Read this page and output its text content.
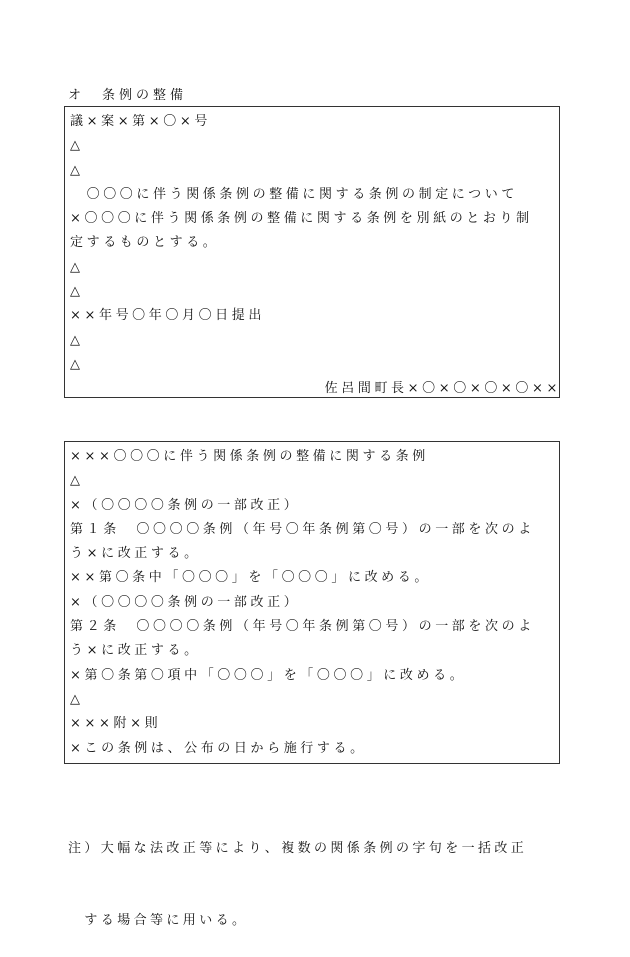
オ　条例の整備
議×案×第×〇×号
△
△
　〇〇〇に伴う関係条例の整備に関する条例の制定について
×〇〇〇に伴う関係条例の整備に関する条例を別紙のとおり制
定するものとする。
△
△
××年号〇年〇月〇日提出
△
△
佐呂間町長×〇×〇×〇×〇××
×××〇〇〇に伴う関係条例の整備に関する条例
△
×（〇〇〇〇条例の一部改正）
第１条　〇〇〇〇条例（年号〇年条例第〇号）の一部を次のよ
う×に改正する。
××第〇条中「〇〇〇」を「〇〇〇」に改める。
×（〇〇〇〇条例の一部改正）
第２条　〇〇〇〇条例（年号〇年条例第〇号）の一部を次のよ
う×に改正する。
×第〇条第〇項中「〇〇〇」を「〇〇〇」に改める。
△
×××附×則
×この条例は、公布の日から施行する。

注）大幅な法改正等により、複数の関係条例の字句を一括改正

　する場合等に用いる。
